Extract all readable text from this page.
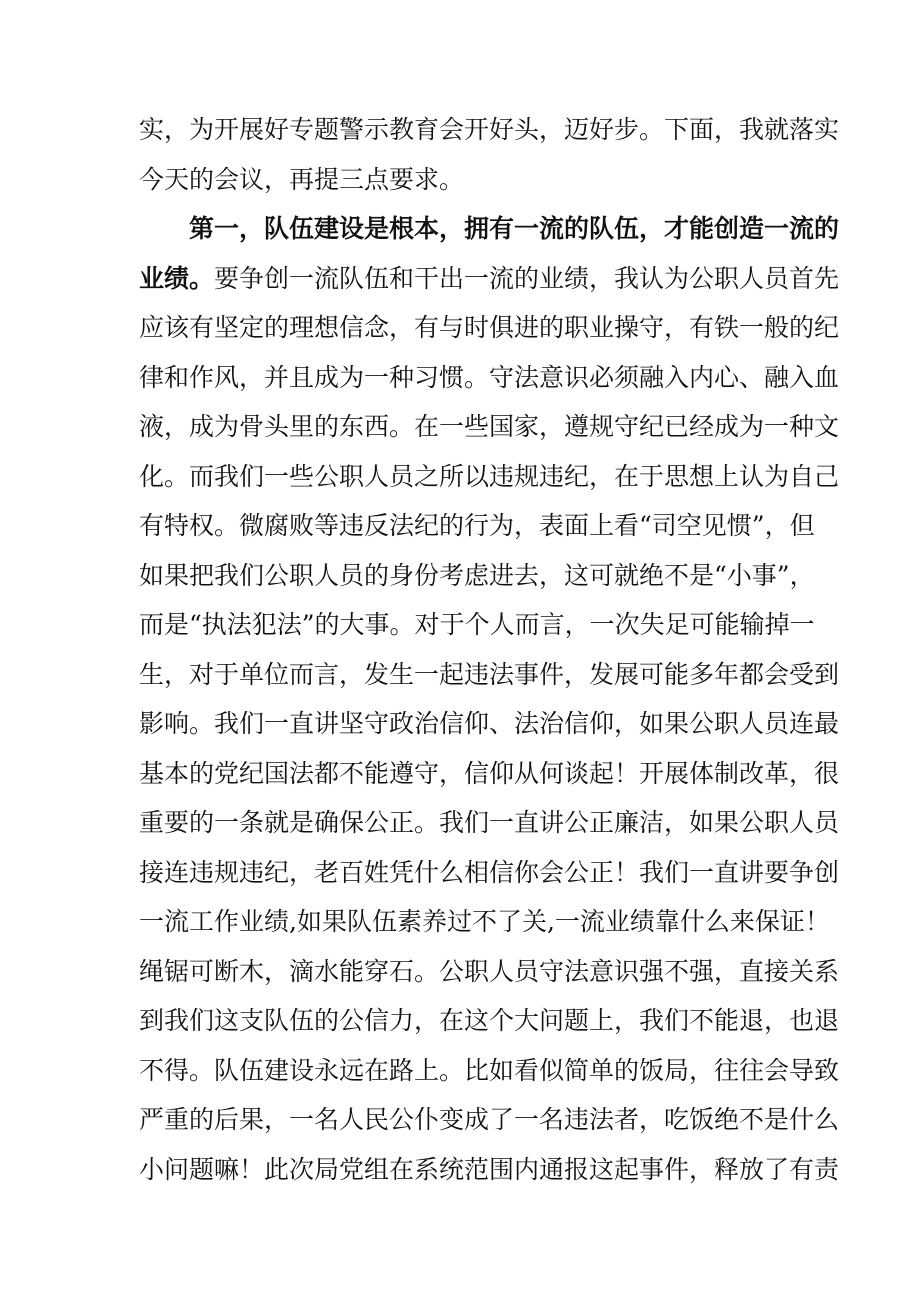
实，为开展好专题警示教育会开好头，迈好步。下面，我就落实
今天的会议，再提三点要求。
第一，队伍建设是根本，拥有一流的队伍，才能创造一流的
业绩。要争创一流队伍和干出一流的业绩，我认为公职人员首先
应该有坚定的理想信念，有与时俱进的职业操守，有铁一般的纪
律和作风，并且成为一种习惯。守法意识必须融入内心、融入血
液，成为骨头里的东西。在一些国家，遵规守纪已经成为一种文
化。而我们一些公职人员之所以违规违纪，在于思想上认为自己
有特权。微腐败等违反法纪的行为，表面上看“司空见惯”，但
如果把我们公职人员的身份考虑进去，这可就绝不是“小事”，
而是“执法犯法”的大事。对于个人而言，一次失足可能输掉一
生，对于单位而言，发生一起违法事件，发展可能多年都会受到
影响。我们一直讲坚守政治信仰、法治信仰，如果公职人员连最
基本的党纪国法都不能遵守，信仰从何谈起！开展体制改革，很
重要的一条就是确保公正。我们一直讲公正廉洁，如果公职人员
接连违规违纪，老百姓凭什么相信你会公正！我们一直讲要争创
一流工作业绩,如果队伍素养过不了关,一流业绩靠什么来保证！
绳锯可断木，滴水能穿石。公职人员守法意识强不强，直接关系
到我们这支队伍的公信力，在这个大问题上，我们不能退，也退
不得。队伍建设永远在路上。比如看似简单的饭局，往往会导致
严重的后果，一名人民公仆变成了一名违法者，吃饭绝不是什么
小问题嘛！此次局党组在系统范围内通报这起事件，释放了有责
